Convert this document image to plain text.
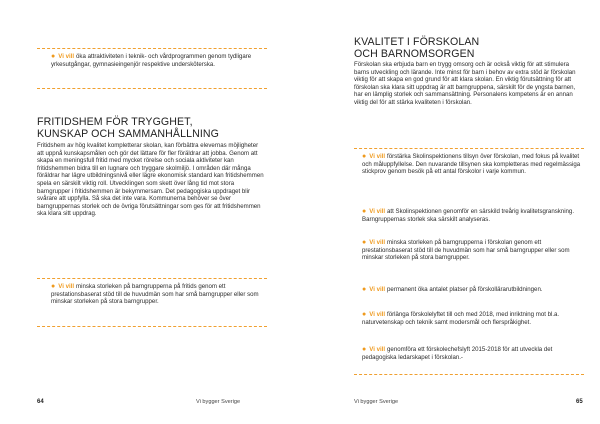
● Vi vill öka attraktiviteten i teknik- och vårdprogrammen genom tydligare yrkesutgångar, gymnasieingenjör respektive undersköterska.
FRITIDSHEM FÖR TRYGGHET,
KUNSKAP OCH SAMMANHÅLLNING
Fritidshem av hög kvalitet kompletterar skolan, kan förbättra elevernas möjligheter att uppnå kunskapsmålen och gör det lättare för fler föräldrar att jobba. Genom att skapa en meningsfull fritid med mycket rörelse och sociala aktiviteter kan fritidshemmen bidra till en lugnare och tryggare skolmiljö. I områden där många föräldrar har lägre utbildningsnivå eller lägre ekonomisk standard kan fritidshemmen spela en särskilt viktig roll. Utvecklingen som skett över lång tid mot stora barngrupper i fritidshemmen är bekymmersam. Det pedagogiska uppdraget blir svårare att uppfylla. Så ska det inte vara. Kommunerna behöver se över barngruppernas storlek och de övriga förutsättningar som ges för att fritidshemmen ska klara sitt uppdrag.
● Vi vill minska storleken på barngrupperna på fritids genom ett prestationsbaserat stöd till de huvudmän som har små barngrupper eller som minskar storleken på stora barngrupper.
64	Vi bygger Sverige
KVALITET I FÖRSKOLAN
OCH BARNOMSORGEN
Förskolan ska erbjuda barn en trygg omsorg och är också viktig för att stimulera barns utveckling och lärande. Inte minst för barn i behov av extra stöd är förskolan viktig för att skapa en god grund för att klara skolan. En viktig förutsättning för att förskolan ska klara sitt uppdrag är att barngruppena, särskilt för de yngsta barnen, har en lämplig storlek och sammansättning. Personalens kompetens är en annan viktig del för att stärka kvaliteten i förskolan.
● Vi vill förstärka Skolinspektionens tillsyn över förskolan, med fokus på kvalitet och måluppfyllelse. Den nuvarande tillsynen ska kompletteras med regelmässiga stickprov genom besök på ett antal förskolor i varje kommun.
● Vi vill att Skolinspektionen genomför en särskild treårig kvalitetsgranskning. Barngruppernas storlek ska särskilt analyseras.
● Vi vill minska storleken på barngrupperna i förskolan genom ett prestationsbaserat stöd till de huvudmän som har små barngrupper eller som minskar storleken på stora barngrupper.
● Vi vill permanent öka antalet platser på förskollärarutbildningen.
● Vi vill förlänga förskolelyftet till och med 2018, med inriktning mot bl.a. naturvetenskap och teknik samt modersmål och flerspråkighet.
● Vi vill genomföra ett förskolechefslyft 2015-2018 för att utveckla det pedagogiska ledarskapet i förskolan.-
Vi bygger Sverige	65
